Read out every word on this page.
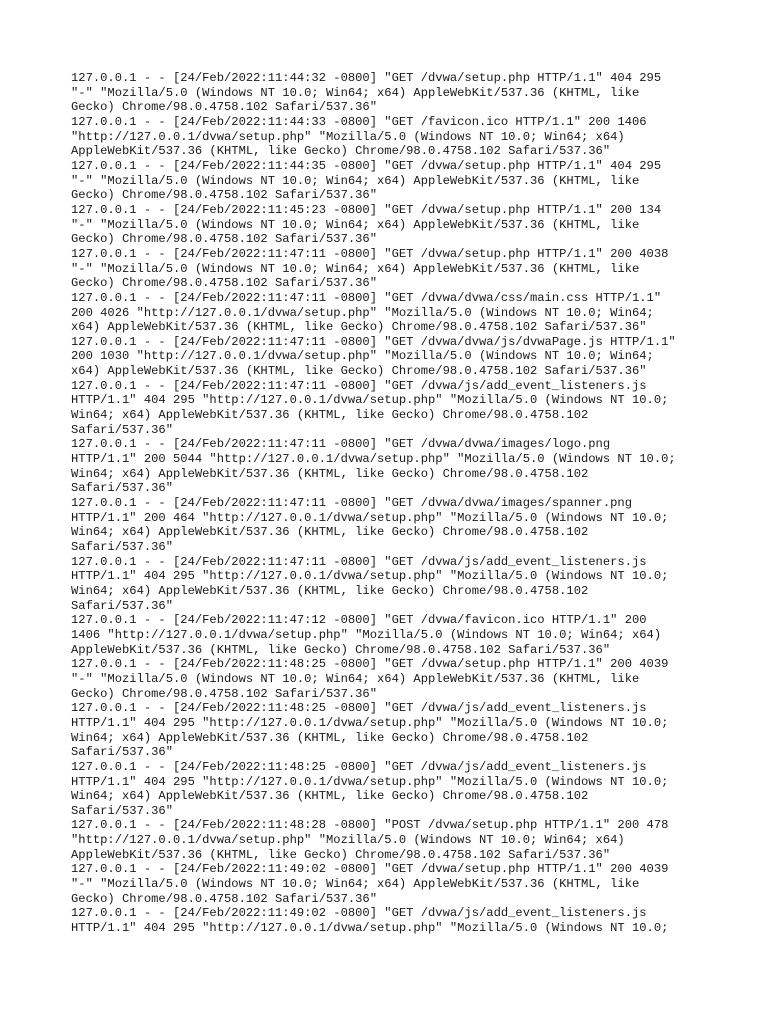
127.0.0.1 - - [24/Feb/2022:11:44:32 -0800] "GET /dvwa/setup.php HTTP/1.1" 404 295
"-" "Mozilla/5.0 (Windows NT 10.0; Win64; x64) AppleWebKit/537.36 (KHTML, like
Gecko) Chrome/98.0.4758.102 Safari/537.36"
127.0.0.1 - - [24/Feb/2022:11:44:33 -0800] "GET /favicon.ico HTTP/1.1" 200 1406
"http://127.0.0.1/dvwa/setup.php" "Mozilla/5.0 (Windows NT 10.0; Win64; x64)
AppleWebKit/537.36 (KHTML, like Gecko) Chrome/98.0.4758.102 Safari/537.36"
127.0.0.1 - - [24/Feb/2022:11:44:35 -0800] "GET /dvwa/setup.php HTTP/1.1" 404 295
"-" "Mozilla/5.0 (Windows NT 10.0; Win64; x64) AppleWebKit/537.36 (KHTML, like
Gecko) Chrome/98.0.4758.102 Safari/537.36"
127.0.0.1 - - [24/Feb/2022:11:45:23 -0800] "GET /dvwa/setup.php HTTP/1.1" 200 134
"-" "Mozilla/5.0 (Windows NT 10.0; Win64; x64) AppleWebKit/537.36 (KHTML, like
Gecko) Chrome/98.0.4758.102 Safari/537.36"
127.0.0.1 - - [24/Feb/2022:11:47:11 -0800] "GET /dvwa/setup.php HTTP/1.1" 200 4038
"-" "Mozilla/5.0 (Windows NT 10.0; Win64; x64) AppleWebKit/537.36 (KHTML, like
Gecko) Chrome/98.0.4758.102 Safari/537.36"
127.0.0.1 - - [24/Feb/2022:11:47:11 -0800] "GET /dvwa/dvwa/css/main.css HTTP/1.1"
200 4026 "http://127.0.0.1/dvwa/setup.php" "Mozilla/5.0 (Windows NT 10.0; Win64;
x64) AppleWebKit/537.36 (KHTML, like Gecko) Chrome/98.0.4758.102 Safari/537.36"
127.0.0.1 - - [24/Feb/2022:11:47:11 -0800] "GET /dvwa/dvwa/js/dvwaPage.js HTTP/1.1"
200 1030 "http://127.0.0.1/dvwa/setup.php" "Mozilla/5.0 (Windows NT 10.0; Win64;
x64) AppleWebKit/537.36 (KHTML, like Gecko) Chrome/98.0.4758.102 Safari/537.36"
127.0.0.1 - - [24/Feb/2022:11:47:11 -0800] "GET /dvwa/js/add_event_listeners.js
HTTP/1.1" 404 295 "http://127.0.0.1/dvwa/setup.php" "Mozilla/5.0 (Windows NT 10.0;
Win64; x64) AppleWebKit/537.36 (KHTML, like Gecko) Chrome/98.0.4758.102
Safari/537.36"
127.0.0.1 - - [24/Feb/2022:11:47:11 -0800] "GET /dvwa/dvwa/images/logo.png
HTTP/1.1" 200 5044 "http://127.0.0.1/dvwa/setup.php" "Mozilla/5.0 (Windows NT 10.0;
Win64; x64) AppleWebKit/537.36 (KHTML, like Gecko) Chrome/98.0.4758.102
Safari/537.36"
127.0.0.1 - - [24/Feb/2022:11:47:11 -0800] "GET /dvwa/dvwa/images/spanner.png
HTTP/1.1" 200 464 "http://127.0.0.1/dvwa/setup.php" "Mozilla/5.0 (Windows NT 10.0;
Win64; x64) AppleWebKit/537.36 (KHTML, like Gecko) Chrome/98.0.4758.102
Safari/537.36"
127.0.0.1 - - [24/Feb/2022:11:47:11 -0800] "GET /dvwa/js/add_event_listeners.js
HTTP/1.1" 404 295 "http://127.0.0.1/dvwa/setup.php" "Mozilla/5.0 (Windows NT 10.0;
Win64; x64) AppleWebKit/537.36 (KHTML, like Gecko) Chrome/98.0.4758.102
Safari/537.36"
127.0.0.1 - - [24/Feb/2022:11:47:12 -0800] "GET /dvwa/favicon.ico HTTP/1.1" 200
1406 "http://127.0.0.1/dvwa/setup.php" "Mozilla/5.0 (Windows NT 10.0; Win64; x64)
AppleWebKit/537.36 (KHTML, like Gecko) Chrome/98.0.4758.102 Safari/537.36"
127.0.0.1 - - [24/Feb/2022:11:48:25 -0800] "GET /dvwa/setup.php HTTP/1.1" 200 4039
"-" "Mozilla/5.0 (Windows NT 10.0; Win64; x64) AppleWebKit/537.36 (KHTML, like
Gecko) Chrome/98.0.4758.102 Safari/537.36"
127.0.0.1 - - [24/Feb/2022:11:48:25 -0800] "GET /dvwa/js/add_event_listeners.js
HTTP/1.1" 404 295 "http://127.0.0.1/dvwa/setup.php" "Mozilla/5.0 (Windows NT 10.0;
Win64; x64) AppleWebKit/537.36 (KHTML, like Gecko) Chrome/98.0.4758.102
Safari/537.36"
127.0.0.1 - - [24/Feb/2022:11:48:25 -0800] "GET /dvwa/js/add_event_listeners.js
HTTP/1.1" 404 295 "http://127.0.0.1/dvwa/setup.php" "Mozilla/5.0 (Windows NT 10.0;
Win64; x64) AppleWebKit/537.36 (KHTML, like Gecko) Chrome/98.0.4758.102
Safari/537.36"
127.0.0.1 - - [24/Feb/2022:11:48:28 -0800] "POST /dvwa/setup.php HTTP/1.1" 200 478
"http://127.0.0.1/dvwa/setup.php" "Mozilla/5.0 (Windows NT 10.0; Win64; x64)
AppleWebKit/537.36 (KHTML, like Gecko) Chrome/98.0.4758.102 Safari/537.36"
127.0.0.1 - - [24/Feb/2022:11:49:02 -0800] "GET /dvwa/setup.php HTTP/1.1" 200 4039
"-" "Mozilla/5.0 (Windows NT 10.0; Win64; x64) AppleWebKit/537.36 (KHTML, like
Gecko) Chrome/98.0.4758.102 Safari/537.36"
127.0.0.1 - - [24/Feb/2022:11:49:02 -0800] "GET /dvwa/js/add_event_listeners.js
HTTP/1.1" 404 295 "http://127.0.0.1/dvwa/setup.php" "Mozilla/5.0 (Windows NT 10.0;
